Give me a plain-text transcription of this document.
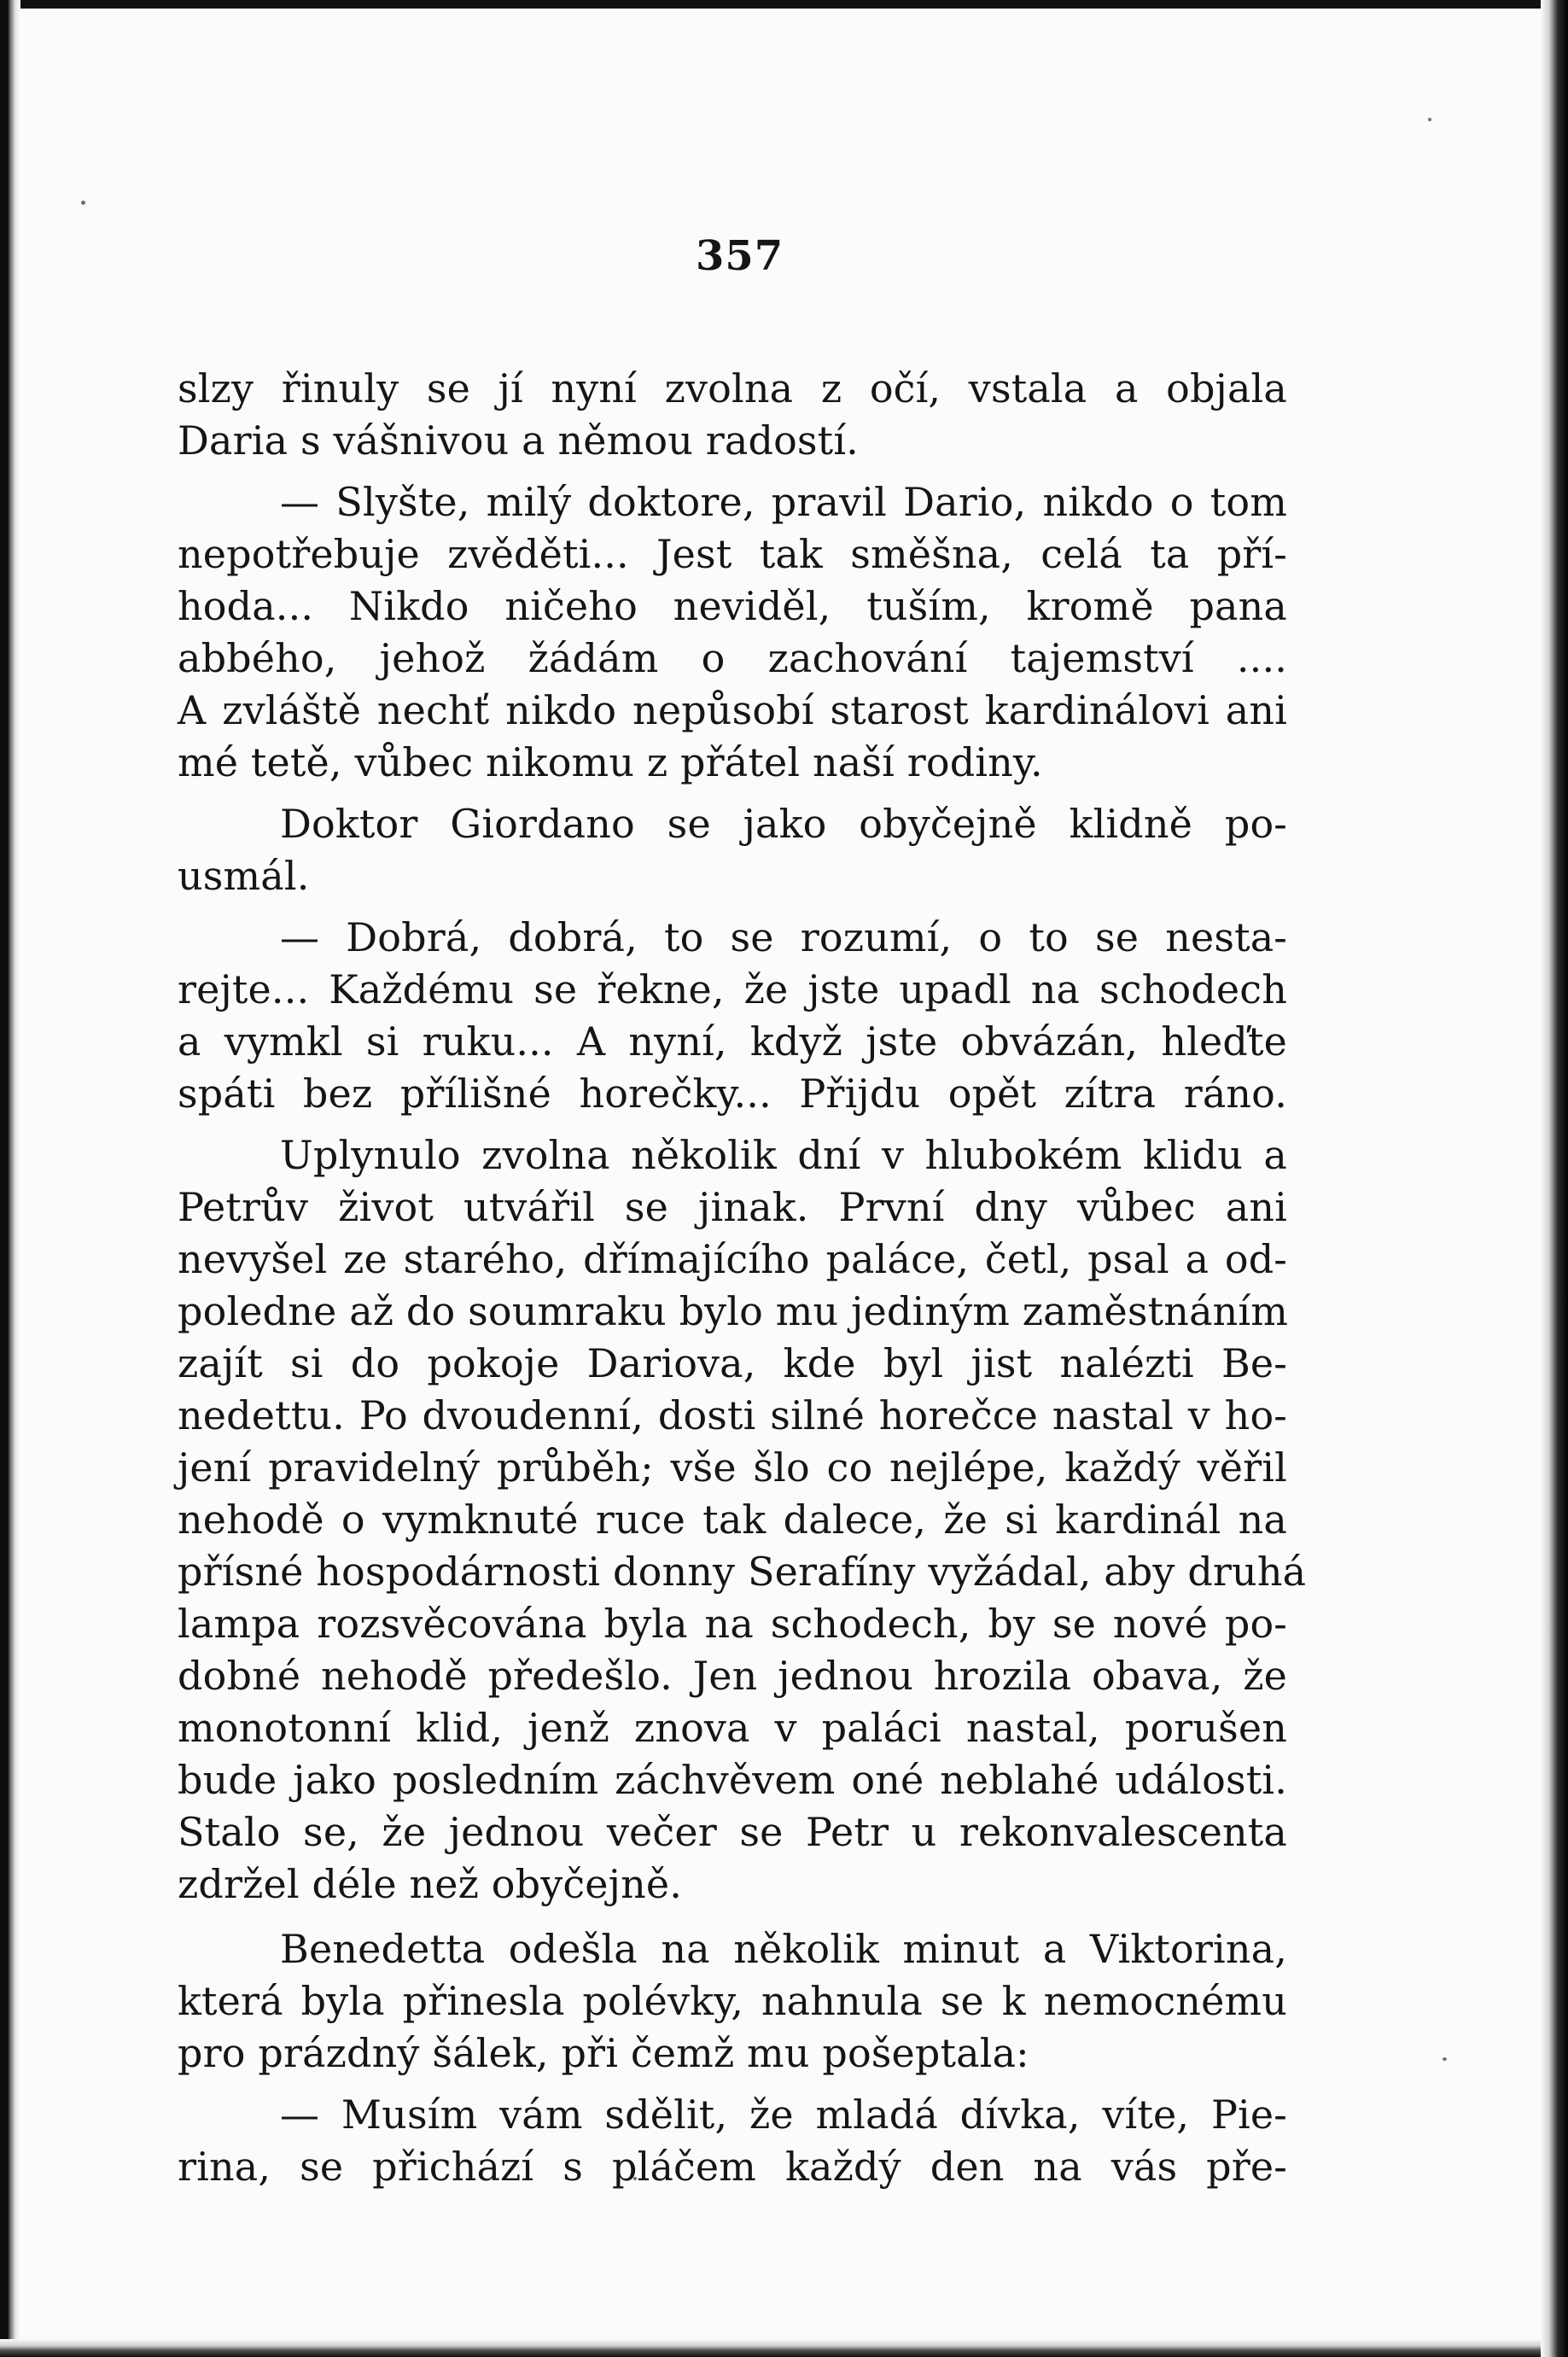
357
slzy řinuly se jí nyní zvolna z očí, vstala a objala
Daria s vášnivou a němou radostí.
— Slyšte, milý doktore, pravil Dario, nikdo o tom
nepotřebuje zvěděti... Jest tak směšna, celá ta pří-
hoda... Nikdo ničeho neviděl, tuším, kromě pana
abbého, jehož žádám o zachování tajemství ....
A zvláště nechť nikdo nepůsobí starost kardinálovi ani
mé tetě, vůbec nikomu z přátel naší rodiny.
Doktor Giordano se jako obyčejně klidně po-
usmál.
— Dobrá, dobrá, to se rozumí, o to se nesta-
rejte... Každému se řekne, že jste upadl na schodech
a vymkl si ruku... A nyní, když jste obvázán, hleďte
spáti bez přílišné horečky... Přijdu opět zítra ráno.
Uplynulo zvolna několik dní v hlubokém klidu a
Petrův život utvářil se jinak. První dny vůbec ani
nevyšel ze starého, dřímajícího paláce, četl, psal a od-
poledne až do soumraku bylo mu jediným zaměstnáním
zajít si do pokoje Dariova, kde byl jist nalézti Be-
nedettu. Po dvoudenní, dosti silné horečce nastal v ho-
jení pravidelný průběh; vše šlo co nejlépe, každý věřil
nehodě o vymknuté ruce tak dalece, že si kardinál na
přísné hospodárnosti donny Serafíny vyžádal, aby druhá
lampa rozsvěcována byla na schodech, by se nové po-
dobné nehodě předešlo. Jen jednou hrozila obava, že
monotonní klid, jenž znova v paláci nastal, porušen
bude jako posledním záchvěvem oné neblahé události.
Stalo se, že jednou večer se Petr u rekonvalescenta
zdržel déle než obyčejně.
Benedetta odešla na několik minut a Viktorina,
která byla přinesla polévky, nahnula se k nemocnému
pro prázdný šálek, při čemž mu pošeptala:
— Musím vám sdělit, že mladá dívka, víte, Pie-
rina, se přichází s pláčem každý den na vás pře-
